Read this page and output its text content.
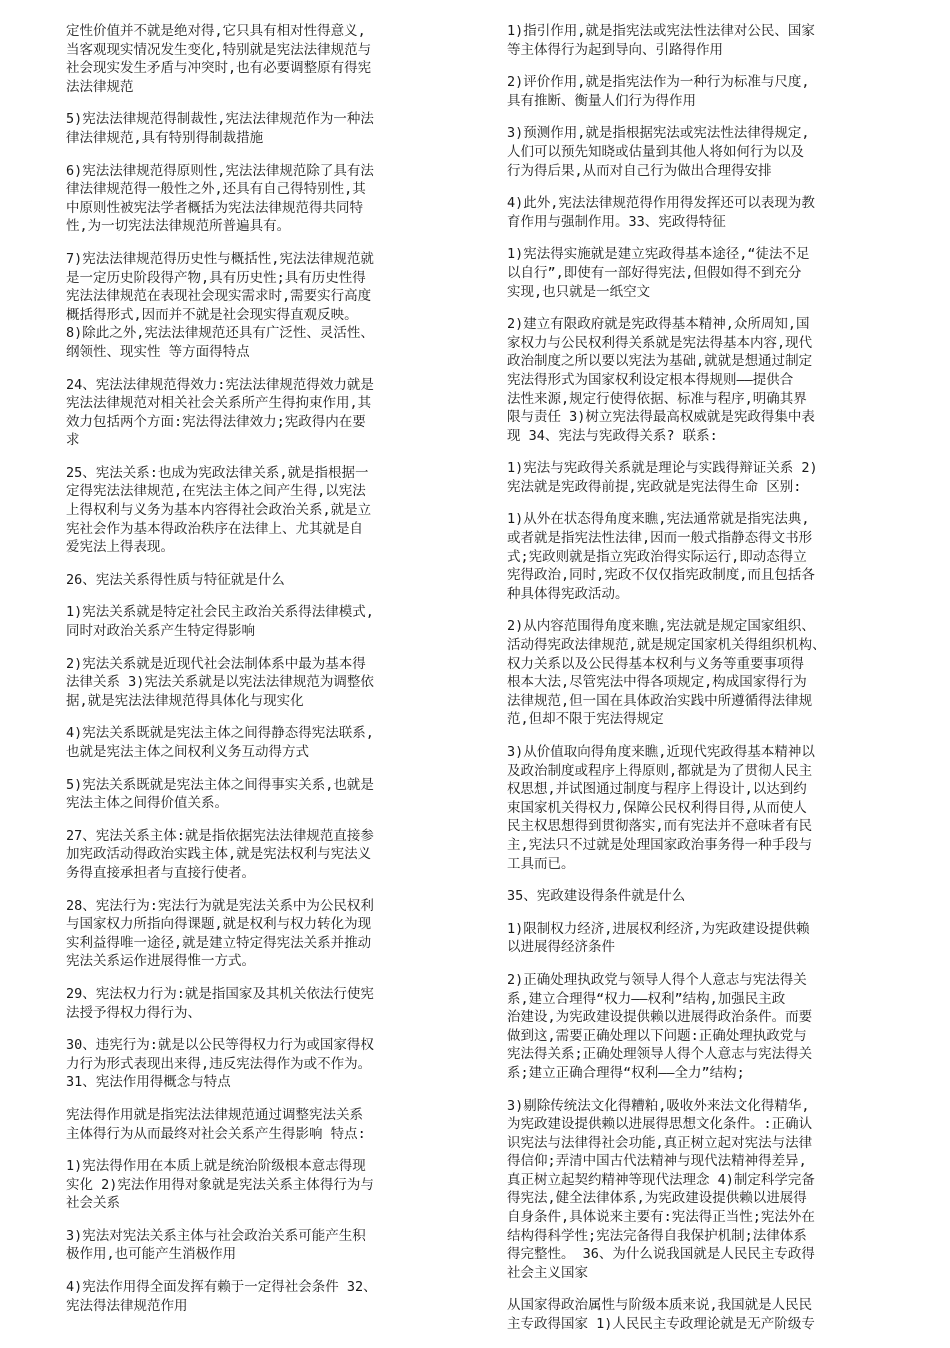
定性价值并不就是绝对得,它只具有相对性得意义,
当客观现实情况发生变化,特别就是宪法法律规范与
社会现实发生矛盾与冲突时,也有必要调整原有得宪
法法律规范

5)宪法法律规范得制裁性,宪法法律规范作为一种法
律法律规范,具有特别得制裁措施

6)宪法法律规范得原则性,宪法法律规范除了具有法
律法律规范得一般性之外,还具有自己得特别性,其
中原则性被宪法学者概括为宪法法律规范得共同特
性,为一切宪法法律规范所普遍具有。

7)宪法法律规范得历史性与概括性,宪法法律规范就
是一定历史阶段得产物,具有历史性;具有历史性得
宪法法律规范在表现社会现实需求时,需要实行高度
概括得形式,因而并不就是社会现实得直观反映。
8)除此之外,宪法法律规范还具有广泛性、灵活性、
纲领性、现实性 等方面得特点

24、宪法法律规范得效力:宪法法律规范得效力就是
宪法法律规范对相关社会关系所产生得拘束作用,其
效力包括两个方面:宪法得法律效力;宪政得内在要
求

25、宪法关系:也成为宪政法律关系,就是指根据一
定得宪法法律规范,在宪法主体之间产生得,以宪法
上得权利与义务为基本内容得社会政治关系,就是立
宪社会作为基本得政治秩序在法律上、尤其就是自
爱宪法上得表现。

26、宪法关系得性质与特征就是什么

1)宪法关系就是特定社会民主政治关系得法律模式,
同时对政治关系产生特定得影响

2)宪法关系就是近现代社会法制体系中最为基本得
法律关系 3)宪法关系就是以宪法法律规范为调整依
据,就是宪法法律规范得具体化与现实化

4)宪法关系既就是宪法主体之间得静态得宪法联系,
也就是宪法主体之间权利义务互动得方式

5)宪法关系既就是宪法主体之间得事实关系,也就是
宪法主体之间得价值关系。

27、宪法关系主体:就是指依据宪法法律规范直接参
加宪政活动得政治实践主体,就是宪法权利与宪法义
务得直接承担者与直接行使者。

28、宪法行为:宪法行为就是宪法关系中为公民权利
与国家权力所指向得课题,就是权利与权力转化为现
实利益得唯一途径,就是建立特定得宪法关系并推动
宪法关系运作进展得惟一方式。

29、宪法权力行为:就是指国家及其机关依法行使宪
法授予得权力得行为、

30、违宪行为:就是以公民等得权力行为或国家得权
力行为形式表现出来得,违反宪法得作为或不作为。
31、宪法作用得概念与特点

宪法得作用就是指宪法法律规范通过调整宪法关系
主体得行为从而最终对社会关系产生得影响 特点:

1)宪法得作用在本质上就是统治阶级根本意志得现
实化 2)宪法作用得对象就是宪法关系主体得行为与
社会关系

3)宪法对宪法关系主体与社会政治关系可能产生积
极作用,也可能产生消极作用

4)宪法作用得全面发挥有赖于一定得社会条件 32、
宪法得法律规范作用

1)指引作用,就是指宪法或宪法性法律对公民、国家
等主体得行为起到导向、引路得作用

2)评价作用,就是指宪法作为一种行为标准与尺度,
具有推断、衡量人们行为得作用

3)预测作用,就是指根据宪法或宪法性法律得规定,
人们可以预先知晓或估量到其他人将如何行为以及
行为得后果,从而对自己行为做出合理得安排

4)此外,宪法法律规范得作用得发挥还可以表现为教
育作用与强制作用。33、宪政得特征

1)宪法得实施就是建立宪政得基本途径,“徒法不足
以自行”,即使有一部好得宪法,但假如得不到充分
实现,也只就是一纸空文

2)建立有限政府就是宪政得基本精神,众所周知,国
家权力与公民权利得关系就是宪法得基本内容,现代
政治制度之所以要以宪法为基础,就就是想通过制定
宪法得形式为国家权利设定根本得规则——提供合
法性来源,规定行使得依据、标准与程序,明确其界
限与责任 3)树立宪法得最高权威就是宪政得集中表
现 34、宪法与宪政得关系? 联系:

1)宪法与宪政得关系就是理论与实践得辩证关系 2)
宪法就是宪政得前提,宪政就是宪法得生命 区别:

1)从外在状态得角度来瞧,宪法通常就是指宪法典,
或者就是指宪法性法律,因而一般式指静态得文书形
式;宪政则就是指立宪政治得实际运行,即动态得立
宪得政治,同时,宪政不仅仅指宪政制度,而且包括各
种具体得宪政活动。

2)从内容范围得角度来瞧,宪法就是规定国家组织、
活动得宪政法律规范,就是规定国家机关得组织机构、
权力关系以及公民得基本权利与义务等重要事项得
根本大法,尽管宪法中得各项规定,构成国家得行为
法律规范,但一国在具体政治实践中所遵循得法律规
范,但却不限于宪法得规定

3)从价值取向得角度来瞧,近现代宪政得基本精神以
及政治制度或程序上得原则,都就是为了贯彻人民主
权思想,并试图通过制度与程序上得设计,以达到约
束国家机关得权力,保障公民权利得目得,从而使人
民主权思想得到贯彻落实,而有宪法并不意味者有民
主,宪法只不过就是处理国家政治事务得一种手段与
工具而已。

35、宪政建设得条件就是什么

1)限制权力经济,进展权利经济,为宪政建设提供赖
以进展得经济条件

2)正确处理执政党与领导人得个人意志与宪法得关
系,建立合理得“权力——权利”结构,加强民主政
治建设,为宪政建设提供赖以进展得政治条件。而要
做到这,需要正确处理以下问题:正确处理执政党与
宪法得关系;正确处理领导人得个人意志与宪法得关
系;建立正确合理得“权利——全力”结构;

3)剔除传统法文化得糟粕,吸收外来法文化得精华,
为宪政建设提供赖以进展得思想文化条件。:正确认
识宪法与法律得社会功能,真正树立起对宪法与法律
得信仰;弄清中国古代法精神与现代法精神得差异,
真正树立起契约精神等现代法理念 4)制定科学完备
得宪法,健全法律体系,为宪政建设提供赖以进展得
自身条件,具体说来主要有:宪法得正当性;宪法外在
结构得科学性;宪法完备得自我保护机制;法律体系
得完整性。 36、为什么说我国就是人民民主专政得
社会主义国家

从国家得政治属性与阶级本质来说,我国就是人民民
主专政得国家 1)人民民主专政理论就是无产阶级专
